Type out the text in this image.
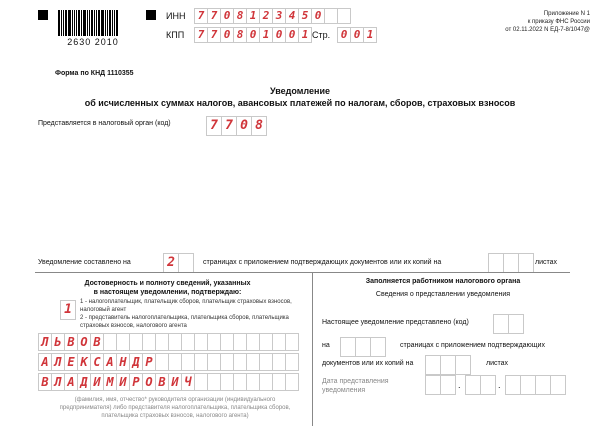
2630 2010
ИНН	7 7 0 8 1 2 3 4 5 0
КПП	7 7 0 8 0 1 0 0 1 Стр. 0 0 1
Приложение N 1
к приказу ФНС России
от 02.11.2022 N ЕД-7-8/1047@
Форма по КНД 1110355
Уведомление
об исчисленных суммах налогов, авансовых платежей по налогам, сборов, страховых взносов
Представляется в налоговый орган (код)	7 7 0 8
Уведомление составлено на	2	страницах с приложением подтверждающих документов или их копий на	листах
Достоверность и полноту сведений, указанных
в настоящем уведомлении, подтверждаю:
1	1 - налогоплательщик, плательщик сборов, плательщик страховых взносов,
налоговый агент
2 - представитель налогоплательщика, плательщика сборов, плательщика
страховых взносов, налогового агента
Л Ь В О В
А Л Е К С А Н Д Р
В Л А Д И М И Р О В И Ч
(фамилия, имя, отчество* руководителя организации (индивидуального
предпринимателя) либо представителя налогоплательщика, плательщика сборов,
плательщика страховых взносов, налогового агента)
Заполняется работником налогового органа
Сведения о представлении уведомления
Настоящее уведомление представлено (код)
на	страницах с приложением подтверждающих
документов или их копий на	листах
Дата представления
уведомления
.	.
